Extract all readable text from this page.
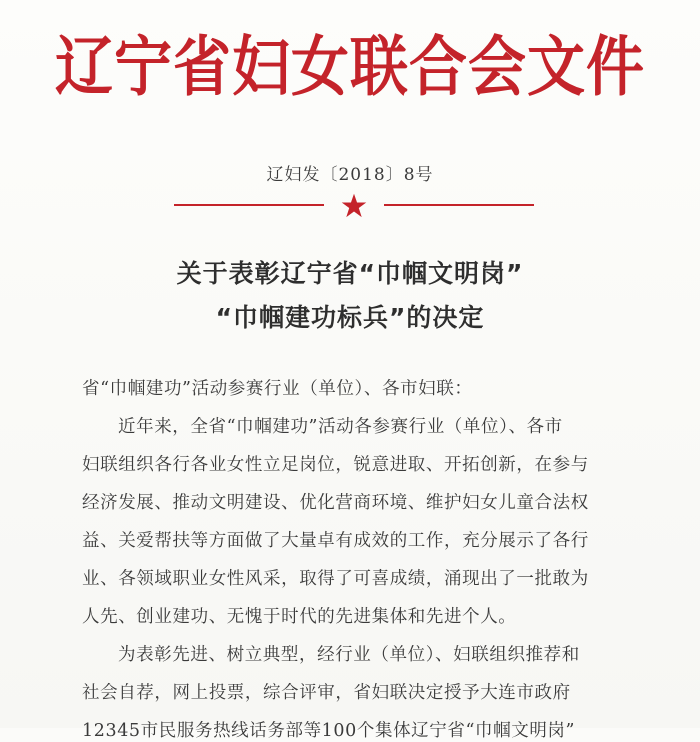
辽宁省妇女联合会文件
辽妇发〔2018〕8号
关于表彰辽宁省“巾帼文明岗”
“巾帼建功标兵”的决定
省“巾帼建功”活动参赛行业（单位）、各市妇联：
近年来，全省“巾帼建功”活动各参赛行业（单位）、各市
妇联组织各行各业女性立足岗位，锐意进取、开拓创新，在参与
经济发展、推动文明建设、优化营商环境、维护妇女儿童合法权
益、关爱帮扶等方面做了大量卓有成效的工作，充分展示了各行
业、各领域职业女性风采，取得了可喜成绩，涌现出了一批敢为
人先、创业建功、无愧于时代的先进集体和先进个人。
为表彰先进、树立典型，经行业（单位）、妇联组织推荐和
社会自荐，网上投票，综合评审，省妇联决定授予大连市政府
12345市民服务热线话务部等100个集体辽宁省“巾帼文明岗”
